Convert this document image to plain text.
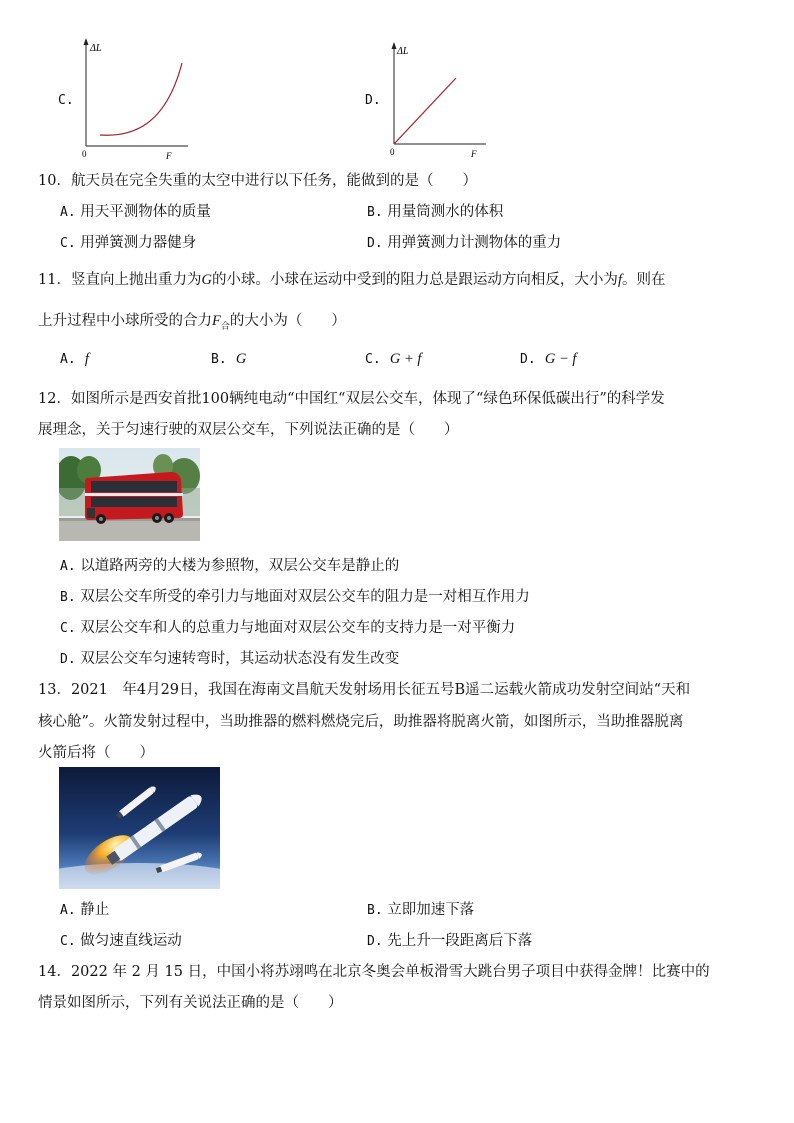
C.
ΔL
0	F
D.
ΔL
0	F
10．航天员在完全失重的太空中进行以下任务，能做到的是（　　）
A. 用天平测物体的质量	B. 用量筒测水的体积
C. 用弹簧测力器健身	D. 用弹簧测力计测物体的重力
11．竖直向上抛出重力为G的小球。小球在运动中受到的阻力总是跟运动方向相反，大小为f。则在
上升过程中小球所受的合力$F_合$的大小为（　　）
A. f	B. G	C. G + f	D. G − f
12．如图所示是西安首批100辆纯电动“中国红“双层公交车，体现了“绿色环保低碳出行”的科学发
展理念，关于匀速行驶的双层公交车，下列说法正确的是（　　）
A. 以道路两旁的大楼为参照物，双层公交车是静止的
B. 双层公交车所受的牵引力与地面对双层公交车的阻力是一对相互作用力
C. 双层公交车和人的总重力与地面对双层公交车的支持力是一对平衡力
D. 双层公交车匀速转弯时，其运动状态没有发生改变
13．2021　年4月29日，我国在海南文昌航天发射场用长征五号B遥二运载火箭成功发射空间站“天和
核心舱”。火箭发射过程中，当助推器的燃料燃烧完后，助推器将脱离火箭，如图所示，当助推器脱离
火箭后将（　　）
A. 静止	B. 立即加速下落
C. 做匀速直线运动	D. 先上升一段距离后下落
14．2022 年 2 月 15 日，中国小将苏翊鸣在北京冬奥会单板滑雪大跳台男子项目中获得金牌！比赛中的
情景如图所示，下列有关说法正确的是（　　）
